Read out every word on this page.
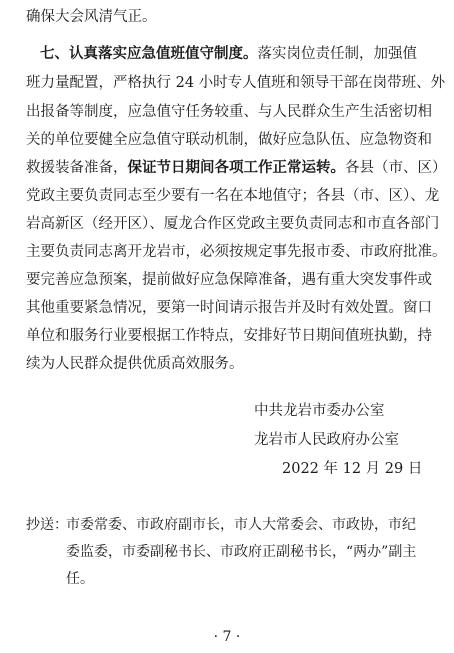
确保大会风清气正。
七、认真落实应急值班值守制度。落实岗位责任制，加强值
班力量配置，严格执行 24 小时专人值班和领导干部在岗带班、外
出报备等制度，应急值守任务较重、与人民群众生产生活密切相
关的单位要健全应急值守联动机制，做好应急队伍、应急物资和
救援装备准备，保证节日期间各项工作正常运转。各县（市、区）
党政主要负责同志至少要有一名在本地值守；各县（市、区）、龙
岩高新区（经开区）、厦龙合作区党政主要负责同志和市直各部门
主要负责同志离开龙岩市，必须按规定事先报市委、市政府批准。
要完善应急预案，提前做好应急保障准备，遇有重大突发事件或
其他重要紧急情况，要第一时间请示报告并及时有效处置。窗口
单位和服务行业要根据工作特点，安排好节日期间值班执勤，持
续为人民群众提供优质高效服务。
中共龙岩市委办公室
龙岩市人民政府办公室
2022 年 12 月 29 日
抄送：
市委常委、市政府副市长，市人大常委会、市政协，市纪
委监委，市委副秘书长、市政府正副秘书长，“两办”副主
任。
· 7 ·
